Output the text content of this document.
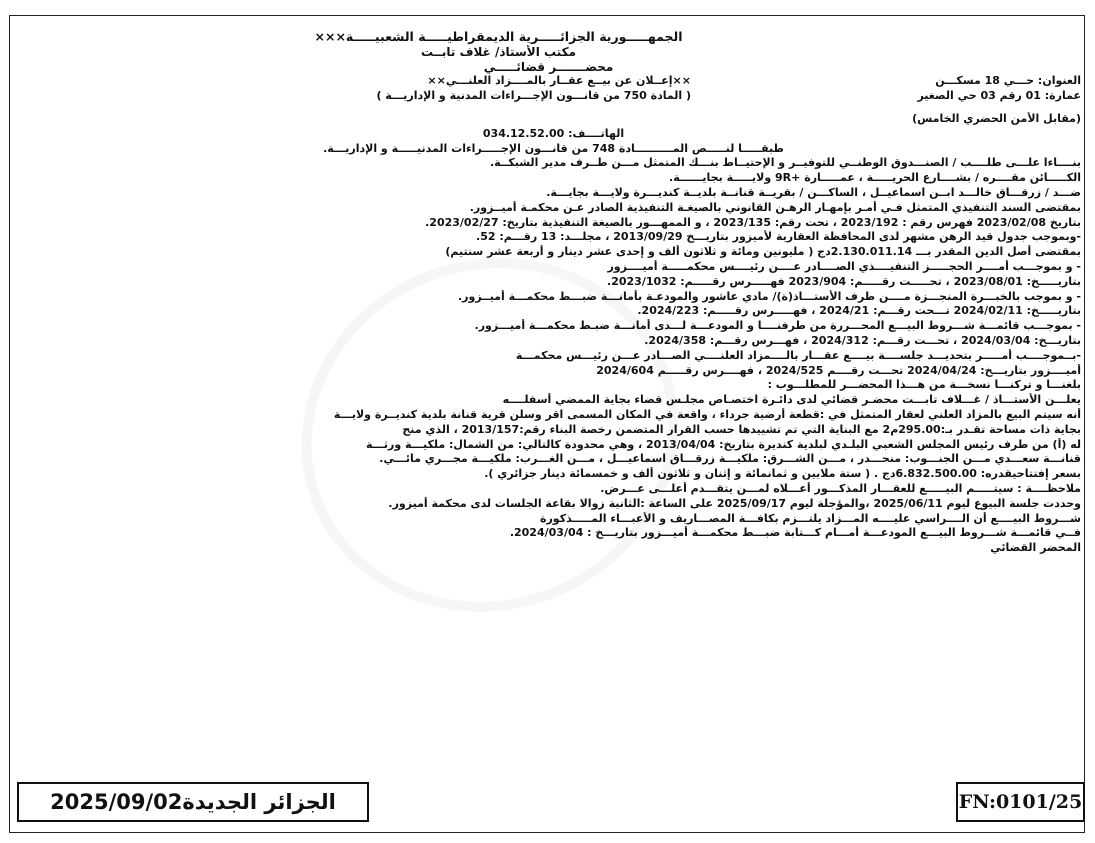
الجمهـــــورية الجزائـــــرية الديمقراطيـــــة الشعبيـــــة×××
مكتب الأستاذ/ غلاف تابــت
محضـــــــر قضائـــــي
العنوان: حـــي 18 مسكـــن
××إعــلان عن بيــع عقــار بالمــــزاد العلنـــي××
عمارة: 01 رقم 03 حي الصغير
( المادة 750 من قانـــون الإجـــراءات المدنية و الإداريـــة )
(مقابل الأمن الحضري الخامس)
الهاتــــف: 034.12.52.00
طبقـــــا لنـــــص المــــــــــادة 748 من قانـــون الإجـــــراءات المدنيـــــة و الإداريـــة.
بنــــاءا علـــى طلــــب / الصنـــدوق الوطنــي للتوفيــر و الإحتيــاط بنـــك المتمثل مـــن طــرف مدير الشبكــة.
الكـــــائن مقــــره / بشــــارع الحريـــــة ، عمـــــارة +9R ولايـــــة بجايــــــة.
ضـــد / زرقـــاق خالـــد ابــن اسماعيــل ، الساكـــن / بقريــة قنانــة بلديــة كنديـــرة ولايـــة بجايـــة.
بمقتضى السند التنفيذي المتمثل فـي أمـر بإمهـار الرهـن القانوني بالصيغـة التنفيذية الصادر عـن محكمـة أميــزور.
بتاريخ 2023/02/08 فهرس رقم : 2023/192 ، تحت رقم: 2023/135 ، و الممهـــور بالصيغة التنفيذية بتاريخ: 2023/02/27.
-وبموجب جدول قيد الرهن مشهر لدى المحافظة العقارية لأميزور بتاريـــخ 2013/09/29 ، مجلـــد: 13 رقـــم: 52.
بمقتضى أصل الدين المقدر بـــ 2.130.011.14دج ( مليونين ومائة و ثلاثون ألف و إحدى عشر دينار و أربعة عشر سنتيم)
- و بموجـــب أمــــر الحجـــــز التنفيــــذي الصــــادر عــــن رئيــــس محكمـــــة أميــــزور
بتاريـــــخ: 2023/08/01 ، تحـــــت رقـــــم: 2023/904 فهـــــرس رقـــــم: 2023/1032.
- و بموجب بالخبـــرة المنجـــزة مــــن طرف الأستـــاذ(ة)/ مادي عاشور والمودعـة بأمانـــة ضبـــط محكمـــة أميــزور.
بتاريـــــخ: 2024/02/11 تـــحت رقـــم: 2024/21 ، فهـــــرس رقـــــم: 2024/223.
- بموجـــب قائمـــة شـــروط البيـــع المحـــررة من طرفنــــا و المودعـــة لـــدى أمانـــة ضبـط محكمـــة أميـــزور.
بتاريـــخ: 2024/03/04 ، تحـــت رقـــم: 2024/312 ، فهـــرس رقـــم: 2024/358.
-بــموجــــب أمـــــر بتحديـــد جلســــة بيــــع عقـــار بالــــمزاد العلنــــي الصـــادر عـــن رئيـــس محكمـــة
أميــــزور بتاريـــخ: 2024/04/24 تحـــت رقــــم 2024/525 ، فهــــرس رقـــــم 2024/604
بلغنـــا و تركنـــا نسخـــة من هـــذا المحضـــر للمطلـــوب :
يعلـــن الأستـــاذ / غـــلاف تابـــت محضـر قضائي لدى دائـرة اختصـاص مجلـس قضاء بجاية الممضي أسفلــــه
أنه سيتم البيع بالمزاد العلني لعقار المتمثل في :قطعة أرضية جرداء ، واقعة في المكان المسمى اقر وسلن قرية قنانة بلدية كنديــرة ولايـــة
بجاية ذات مساحة تقـدر بـ:295.00م2 مع البناية التي تم تشييدها حسب القرار المتضمن رخصة البناء رقم:2013/157 ، الذي منح
له (أ) من طرف رئيس المجلس الشعبي البلـدي لبلدية كنديرة بتاريخ: 2013/04/04 ، وهي محدودة كالتالي: من الشمال: ملكيـــة ورثـــة
قنانـــة سعـــدي مـــن الجنـــوب: منحـــدر ، مـــن الشـــرق: ملكيـــة زرقـــاق اسماعيـــل ، مـــن الغـــرب: ملكيـــة مجـــري مائـــي.
بسعر إفتتاحيقدره: 6.832.500.00دج . ( ستة ملايين و ثمانمائة و إثنان و ثلاثون ألف و خمسمائة دينار جزائري ).
ملاحظــــة : سيتـــــم البيـــــع للعقـــار المذكـــور أعـــلاه لمـــن يتقـــدم أعلـــى عـــرض.
وحددت جلسة البيوع ليوم 2025/06/11 ،والمؤجلة ليوم 2025/09/17 على الساعة :الثانية زوالا بقاعة الجلسات لدى محكمة أميزور.
شـــروط البيــــع أن الــــراسي عليــــه المـــزاد يلتـــزم بكافـــة المصـــاريف و الأعبـــاء المـــــذكورة
فــي قائمـــة شـــروط البيـــع المودعـــة أمـــام كـــتابة ضبـــط محكمـــة أميـــزور بتاريـــخ : 2024/03/04.
المحضر القضائي
الجزائر الجديدة2025/09/02	FN:0101/25
